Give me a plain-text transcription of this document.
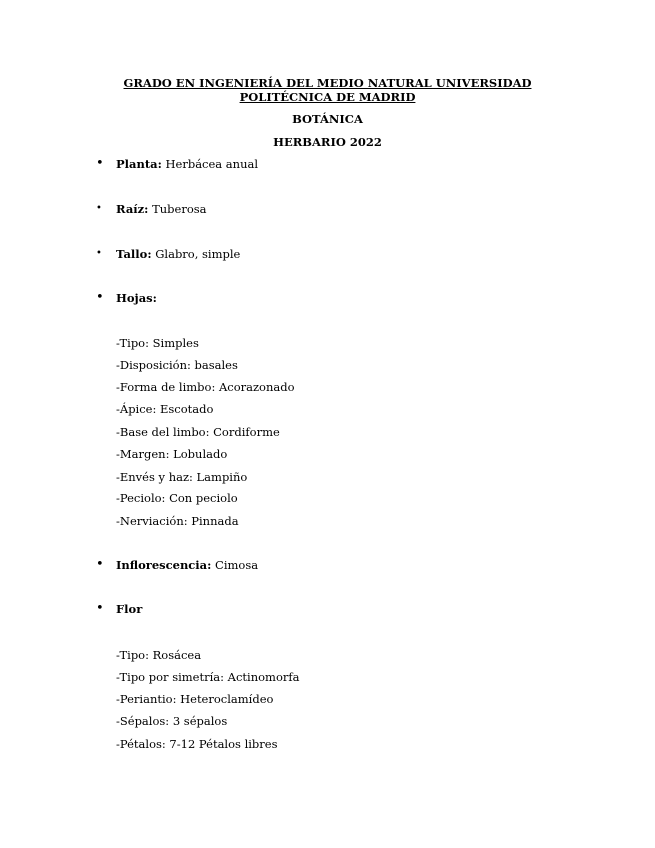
GRADO EN INGENIERÍA DEL MEDIO NATURAL UNIVERSIDAD
POLITÉCNICA DE MADRID
BOTÁNICA
HERBARIO 2022
• Planta: Herbácea anual
•	Raíz: Tuberosa
•	Tallo: Glabro, simple
• Hojas:
-Tipo: Simples
-Disposición: basales
-Forma de limbo: Acorazonado
-Ápice: Escotado
-Base del limbo: Cordiforme
-Margen: Lobulado
-Envés y haz: Lampiño
-Peciolo: Con peciolo
-Nerviación: Pinnada
• Inflorescencia: Cimosa
• Flor
-Tipo: Rosácea
-Tipo por simetría: Actinomorfa
-Periantio: Heteroclamídeo
-Sépalos: 3 sépalos
-Pétalos: 7-12 Pétalos libres
